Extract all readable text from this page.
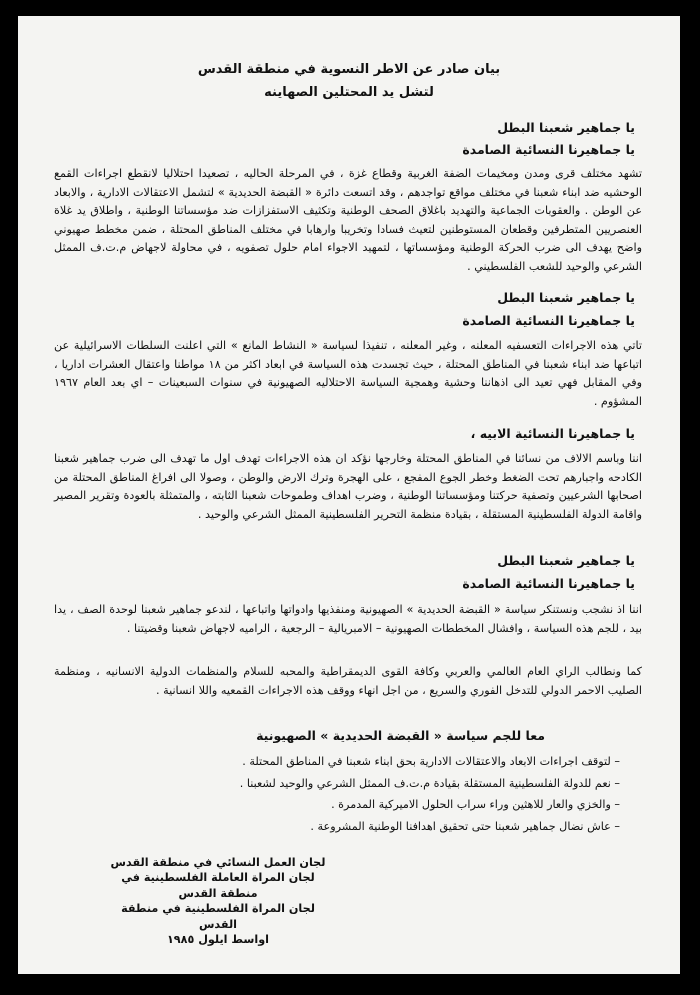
بيان صادر عن الاطر النسوية في منطقة القدس
لتشل يد المحتلين الصهاينه
يا جماهير شعبنا البطل
يا جماهيرنا النسائية الصامدة

تشهد مختلف قرى ومدن ومخيمات الضفة الغربية وقطاع غزة ، في المرحلة الحاليه ، تصعيدا احتلاليا لانقطع اجراءات القمع الوحشيه ضد ابناء شعبنا في مختلف مواقع تواجدهم ، وقد اتسعت دائرة « القبضة الحديدية » لتشمل الاعتقالات الادارية ، والابعاد عن الوطن . والعقوبات الجماعية والتهديد باغلاق الصحف الوطنية وتكثيف الاستفزازات ضد مؤسساتنا الوطنية ، واطلاق يد غلاة العنصريين المتطرفين وقطعان المستوطنين لتعيث فسادا وتخريبا وارهابا في مختلف المناطق المحتلة ، ضمن مخطط صهيوني واضح يهدف الى ضرب الحركة الوطنية ومؤسساتها ، لتمهيد الاجواء امام حلول تصفويه ، في محاولة لاجهاض م.ت.ف الممثل الشرعي والوحيد للشعب الفلسطيني .

يا جماهير شعبنا البطل
يا جماهيرنا النسائية الصامدة

تاتي هذه الاجراءات التعسفيه المعلنه ، وغير المعلنه ، تنفيذا لسياسة « النشاط المانع » التي اعلنت السلطات الاسرائيلية عن اتباعها ضد ابناء شعبنا في المناطق المحتلة ، حيث تجسدت هذه السياسة في ابعاد اكثر من ١٨ مواطنا واعتقال العشرات اداريا ، وفي المقابل فهي تعيد الى اذهاننا وحشية وهمجية السياسة الاحتلاليه الصهيونية في سنوات السبعينات – اي بعد العام ١٩٦٧ المشؤوم .

يا جماهيرنا النسائية الابيه ،

اننا وباسم الالاف من نسائنا في المناطق المحتلة وخارجها نؤكد ان هذه الاجراءات تهدف اول ما تهدف الى ضرب جماهير شعبنا الكادحه واجبارهم تحت الضغط وخطر الجوع المفجع ، على الهجرة وترك الارض والوطن ، وصولا الى افراغ المناطق المحتلة من اصحابها الشرعيين وتصفية حركتنا ومؤسساتنا الوطنية ، وضرب اهداف وطموحات شعبنا الثابته ، والمتمثلة بالعودة وتقرير المصير واقامة الدولة الفلسطينية المستقلة ، بقيادة منظمة التحرير الفلسطينية الممثل الشرعي والوحيد .

يا جماهير شعبنا البطل
يا جماهيرنا النسائية الصامدة

اننا اذ نشجب ونستنكر سياسة « القبضة الحديدية » الصهيونية ومنفذيها وادواتها واتباعها ، لندعو جماهير شعبنا لوحدة الصف ، يدا بيد ، للجم هذه السياسة ، وافشال المخططات الصهيونية – الامبريالية – الرجعية ، الراميه لاجهاض شعبنا وقضيتنا .

كما ونطالب الراي العام العالمي والعربي وكافة القوى الديمقراطية والمحبه للسلام والمنظمات الدولية الانسانيه ، ومنظمة الصليب الاحمر الدولي للتدخل الفوري والسريع ، من اجل انهاء ووقف هذه الاجراءات القمعيه واللا انسانية .

معا للجم سياسة « القبضة الحديدية » الصهيونية
– لتوقف اجراءات الابعاد والاعتقالات الادارية بحق ابناء شعبنا في المناطق المحتلة .
– نعم للدولة الفلسطينية المستقلة بقيادة م.ت.ف الممثل الشرعي والوحيد لشعبنا .
– والخزي والعار للاهثين وراء سراب الحلول الاميركية المدمرة .
– عاش نضال جماهير شعبنا حتى تحقيق اهدافنا الوطنية المشروعة .
لجان العمل النسائي في منطقة القدس
لجان المراة العاملة الفلسطينية في منطقة القدس
لجان المراة الفلسطينية في منطقة القدس
اواسط ايلول ١٩٨٥
